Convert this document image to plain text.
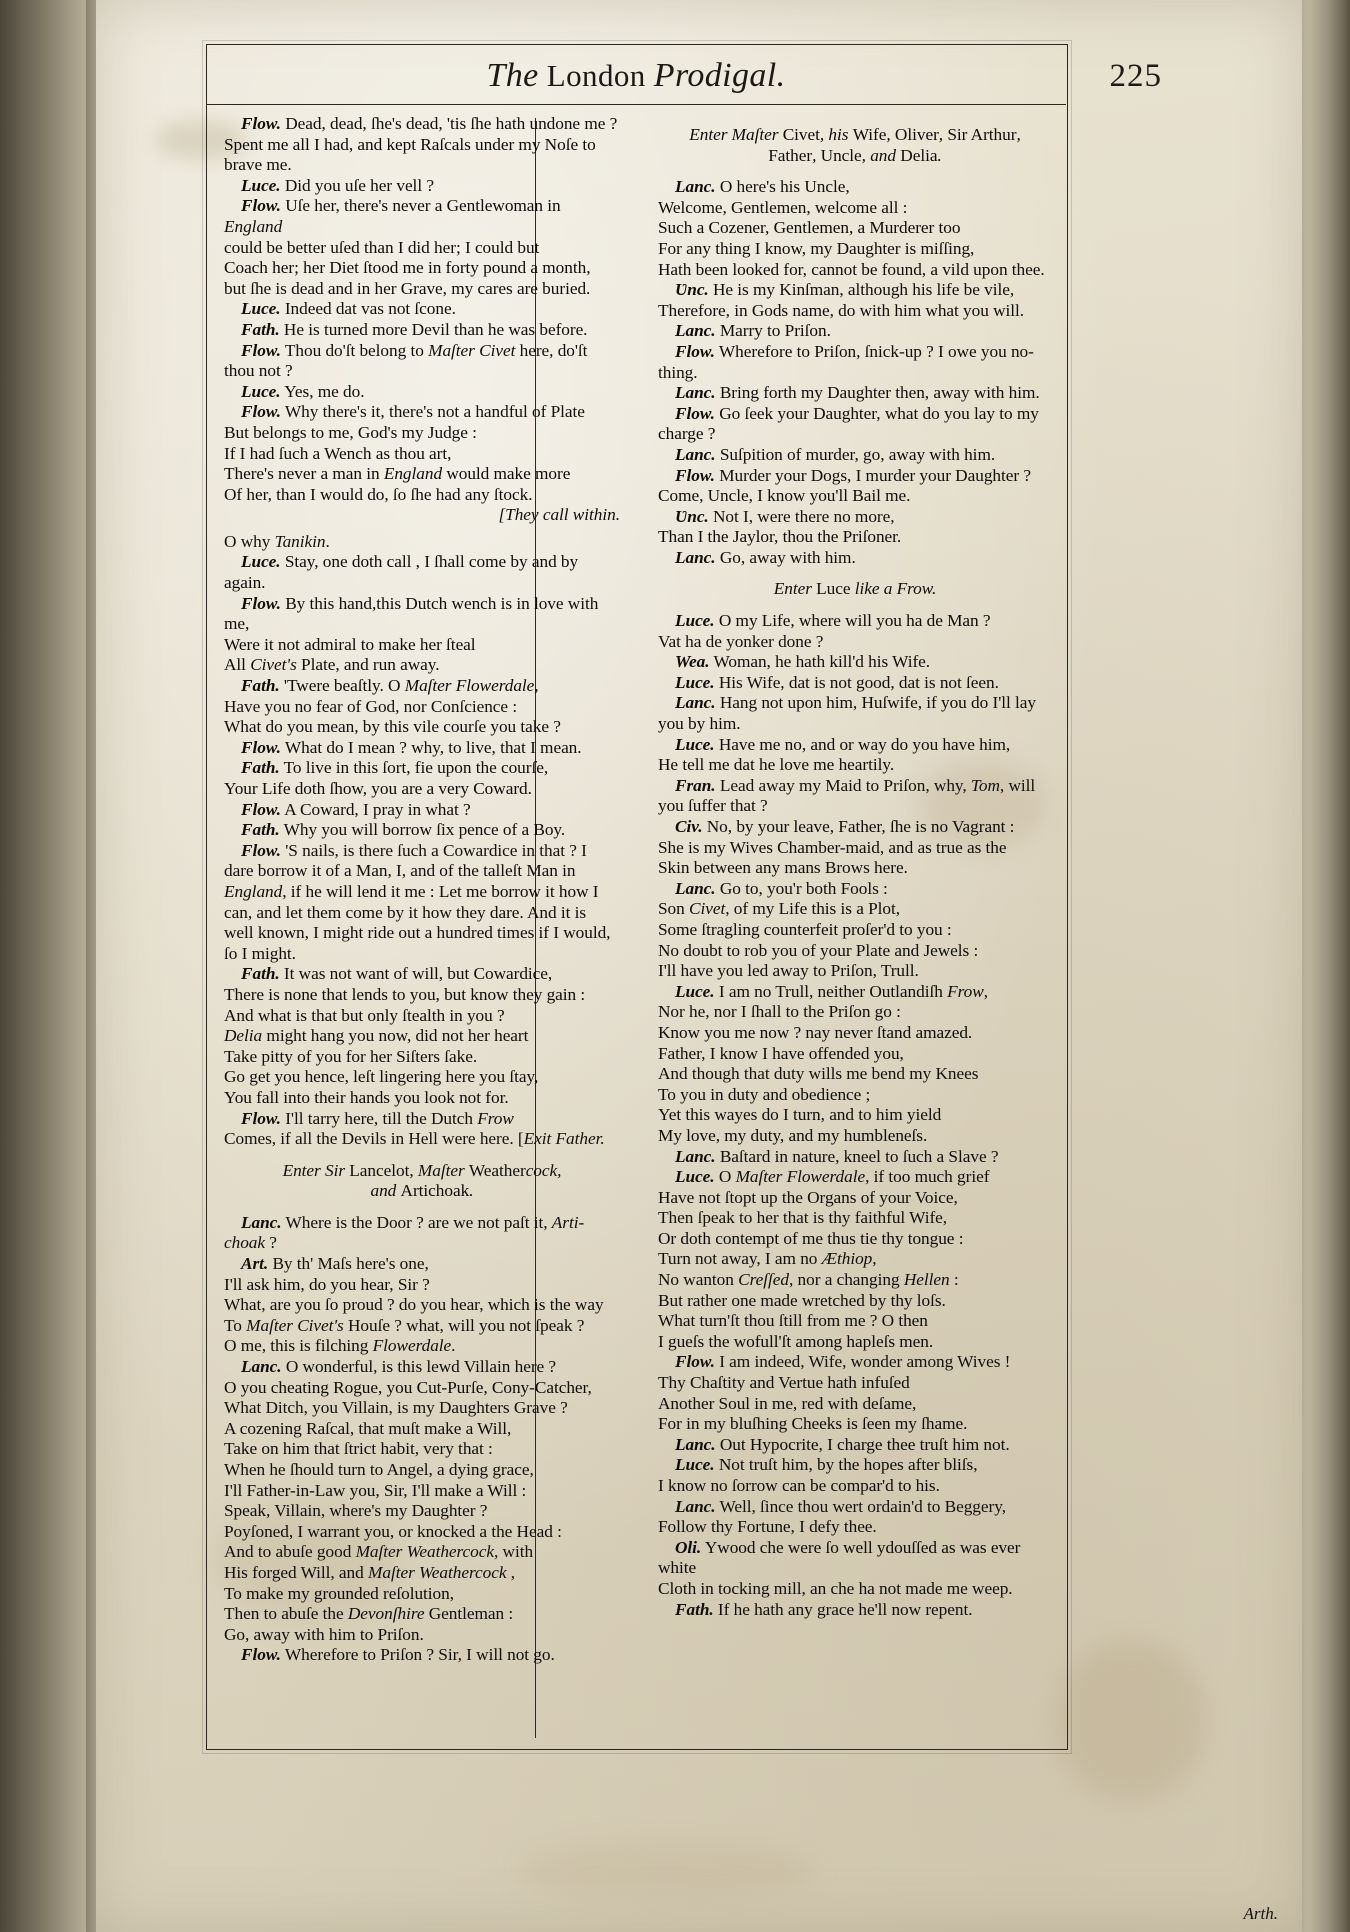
The London Prodigal.	225
Flow. Dead, dead, ſhe's dead, 'tis ſhe hath undone me ?
Spent me all I had, and kept Raſcals under my Noſe to
brave me.
Luce. Did you uſe her vell ?
Flow. Uſe her, there's never a Gentlewoman in England
could be better uſed than I did her; I could but
Coach her; her Diet ſtood me in forty pound a month,
but ſhe is dead and in her Grave, my cares are buried.
Luce. Indeed dat vas not ſcone.
Fath. He is turned more Devil than he was before.
Flow. Thou do'ſt belong to Maſter Civet here, do'ſt
thou not ?
Luce. Yes, me do.
Flow. Why there's it, there's not a handful of Plate
But belongs to me, God's my Judge :
If I had ſuch a Wench as thou art,
There's never a man in England would make more
Of her, than I would do, ſo ſhe had any ſtock.
[They call within.
O why Tanikin.
Luce. Stay, one doth call , I ſhall come by and by
again.
Flow. By this hand,this Dutch wench is in love with me,
Were it not admiral to make her ſteal
All Civet's Plate, and run away.
Fath. 'Twere beaſtly. O Maſter Flowerdale,
Have you no fear of God, nor Conſcience :
What do you mean, by this vile courſe you take ?
Flow. What do I mean ? why, to live, that I mean.
Fath. To live in this ſort, fie upon the courſe,
Your Life doth ſhow, you are a very Coward.
Flow. A Coward, I pray in what ?
Fath. Why you will borrow ſix pence of a Boy.
Flow. 'S nails, is there ſuch a Cowardice in that ? I
dare borrow it of a Man, I, and of the talleſt Man in
England, if he will lend it me : Let me borrow it how I
can, and let them come by it how they dare. And it is
well known, I might ride out a hundred times if I would,
ſo I might.
Fath. It was not want of will, but Cowardice,
There is none that lends to you, but know they gain :
And what is that but only ſtealth in you ?
Delia might hang you now, did not her heart
Take pitty of you for her Siſters ſake.
Go get you hence, leſt lingering here you ſtay,
You fall into their hands you look not for.
Flow. I'll tarry here, till the Dutch Frow
Comes, if all the Devils in Hell were here. [Exit Father.
Enter Sir Lancelot, Maſter Weathercock,
and Artichoak.
Lanc. Where is the Door ? are we not paſt it, Arti-
choak ?
Art. By th' Maſs here's one,
I'll ask him, do you hear, Sir ?
What, are you ſo proud ? do you hear, which is the way
To Maſter Civet's Houſe ? what, will you not ſpeak ?
O me, this is filching Flowerdale.
Lanc. O wonderful, is this lewd Villain here ?
O you cheating Rogue, you Cut-Purſe, Cony-Catcher,
What Ditch, you Villain, is my Daughters Grave ?
A cozening Raſcal, that muſt make a Will,
Take on him that ſtrict habit, very that :
When he ſhould turn to Angel, a dying grace,
I'll Father-in-Law you, Sir, I'll make a Will :
Speak, Villain, where's my Daughter ?
Poyſoned, I warrant you, or knocked a the Head :
And to abuſe good Maſter Weathercock, with
His forged Will, and Maſter Weathercock ,
To make my grounded reſolution,
Then to abuſe the Devonſhire Gentleman :
Go, away with him to Priſon.
Flow. Wherefore to Priſon ? Sir, I will not go.
Enter Maſter Civet, his Wife, Oliver, Sir Arthur,
Father, Uncle, and Delia.
Lanc. O here's his Uncle,
Welcome, Gentlemen, welcome all :
Such a Cozener, Gentlemen, a Murderer too
For any thing I know, my Daughter is miſſing,
Hath been looked for, cannot be found, a vild upon thee.
Ʋnc. He is my Kinſman, although his life be vile,
Therefore, in Gods name, do with him what you will.
Lanc. Marry to Priſon.
Flow. Wherefore to Priſon, ſnick-up ? I owe you no-
thing.
Lanc. Bring forth my Daughter then, away with him.
Flow. Go ſeek your Daughter, what do you lay to my
charge ?
Lanc. Suſpition of murder, go, away with him.
Flow. Murder your Dogs, I murder your Daughter ?
Come, Uncle, I know you'll Bail me.
Ʋnc. Not I, were there no more,
Than I the Jaylor, thou the Priſoner.
Lanc. Go, away with him.
Enter Luce like a Frow.
Luce. O my Life, where will you ha de Man ?
Vat ha de yonker done ?
Wea. Woman, he hath kill'd his Wife.
Luce. His Wife, dat is not good, dat is not ſeen.
Lanc. Hang not upon him, Huſwife, if you do I'll lay
you by him.
Luce. Have me no, and or way do you have him,
He tell me dat he love me heartily.
Fran. Lead away my Maid to Priſon, why, Tom, will
you ſuffer that ?
Civ. No, by your leave, Father, ſhe is no Vagrant :
She is my Wives Chamber-maid, and as true as the
Skin between any mans Brows here.
Lanc. Go to, you'r both Fools :
Son Civet, of my Life this is a Plot,
Some ſtragling counterfeit proſer'd to you :
No doubt to rob you of your Plate and Jewels :
I'll have you led away to Priſon, Trull.
Luce. I am no Trull, neither Outlandiſh Frow,
Nor he, nor I ſhall to the Priſon go :
Know you me now ? nay never ſtand amazed.
Father, I know I have offended you,
And though that duty wills me bend my Knees
To you in duty and obedience ;
Yet this wayes do I turn, and to him yield
My love, my duty, and my humbleneſs.
Lanc. Baſtard in nature, kneel to ſuch a Slave ?
Luce. O Maſter Flowerdale, if too much grief
Have not ſtopt up the Organs of your Voice,
Then ſpeak to her that is thy faithful Wife,
Or doth contempt of me thus tie thy tongue :
Turn not away, I am no Æthiop,
No wanton Creſſed, nor a changing Hellen :
But rather one made wretched by thy loſs.
What turn'ſt thou ſtill from me ? O then
I gueſs the wofull'ſt among hapleſs men.
Flow. I am indeed, Wife, wonder among Wives !
Thy Chaſtity and Vertue hath infuſed
Another Soul in me, red with deſame,
For in my bluſhing Cheeks is ſeen my ſhame.
Lanc. Out Hypocrite, I charge thee truſt him not.
Luce. Not truſt him, by the hopes after bliſs,
I know no ſorrow can be compar'd to his.
Lanc. Well, ſince thou wert ordain'd to Beggery,
Follow thy Fortune, I defy thee.
Oli. Ywood che were ſo well ydouſſed as was ever white
Cloth in tocking mill, an che ha not made me weep.
Fath. If he hath any grace he'll now repent.
Arth.
